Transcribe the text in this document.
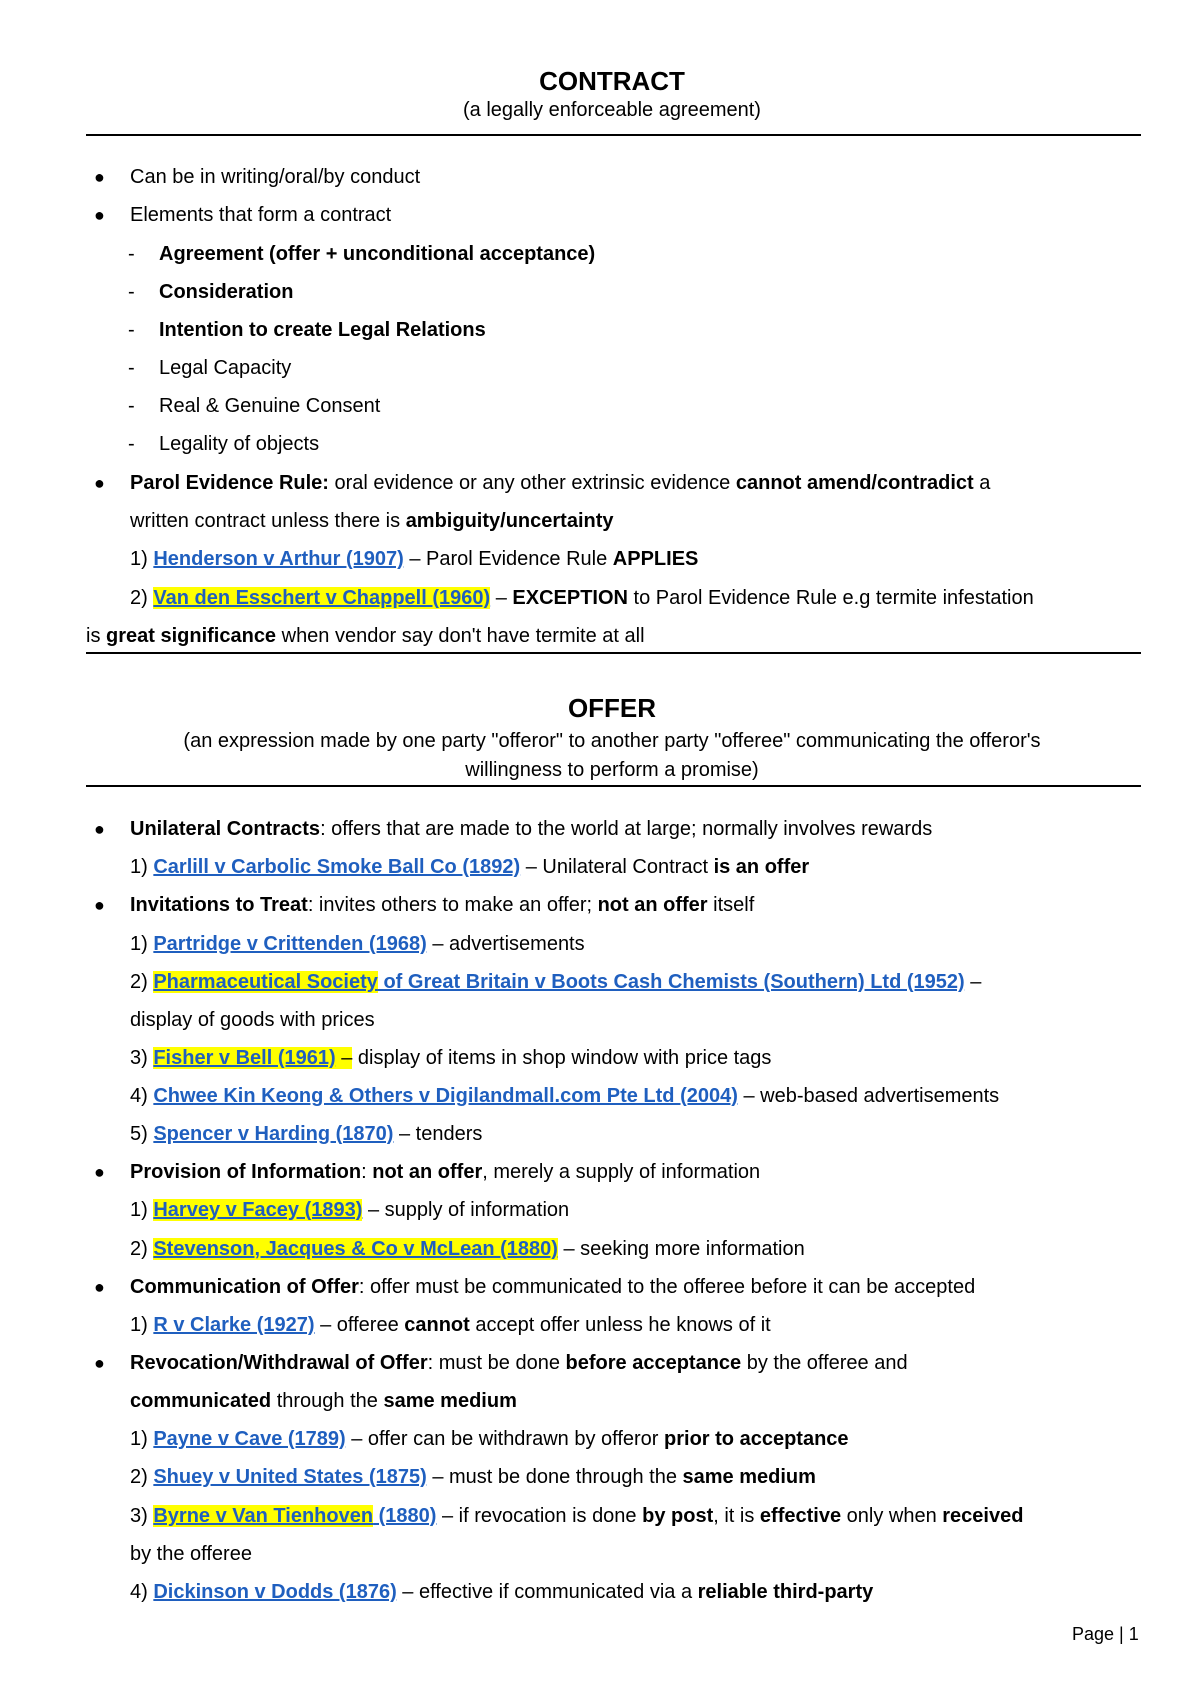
CONTRACT
(a legally enforceable agreement)
● Can be in writing/oral/by conduct
● Elements that form a contract
- Agreement (offer + unconditional acceptance)
- Consideration
- Intention to create Legal Relations
- Legal Capacity
- Real & Genuine Consent
- Legality of objects
● Parol Evidence Rule: oral evidence or any other extrinsic evidence cannot amend/contradict a
written contract unless there is ambiguity/uncertainty
1) Henderson v Arthur (1907) – Parol Evidence Rule APPLIES
2) Van den Esschert v Chappell (1960) – EXCEPTION to Parol Evidence Rule e.g termite infestation
is great significance when vendor say don't have termite at all
OFFER
(an expression made by one party "offeror" to another party "offeree" communicating the offeror's
willingness to perform a promise)
● Unilateral Contracts: offers that are made to the world at large; normally involves rewards
1) Carlill v Carbolic Smoke Ball Co (1892) – Unilateral Contract is an offer
● Invitations to Treat: invites others to make an offer; not an offer itself
1) Partridge v Crittenden (1968) – advertisements
2) Pharmaceutical Society of Great Britain v Boots Cash Chemists (Southern) Ltd (1952) –
display of goods with prices
3) Fisher v Bell (1961) – display of items in shop window with price tags
4) Chwee Kin Keong & Others v Digilandmall.com Pte Ltd (2004) – web-based advertisements
5) Spencer v Harding (1870) – tenders
● Provision of Information: not an offer, merely a supply of information
1) Harvey v Facey (1893) – supply of information
2) Stevenson, Jacques & Co v McLean (1880) – seeking more information
● Communication of Offer: offer must be communicated to the offeree before it can be accepted
1) R v Clarke (1927) – offeree cannot accept offer unless he knows of it
● Revocation/Withdrawal of Offer: must be done before acceptance by the offeree and
communicated through the same medium
1) Payne v Cave (1789) – offer can be withdrawn by offeror prior to acceptance
2) Shuey v United States (1875) – must be done through the same medium
3) Byrne v Van Tienhoven (1880) – if revocation is done by post, it is effective only when received
by the offeree
4) Dickinson v Dodds (1876) – effective if communicated via a reliable third-party
Page | 1
